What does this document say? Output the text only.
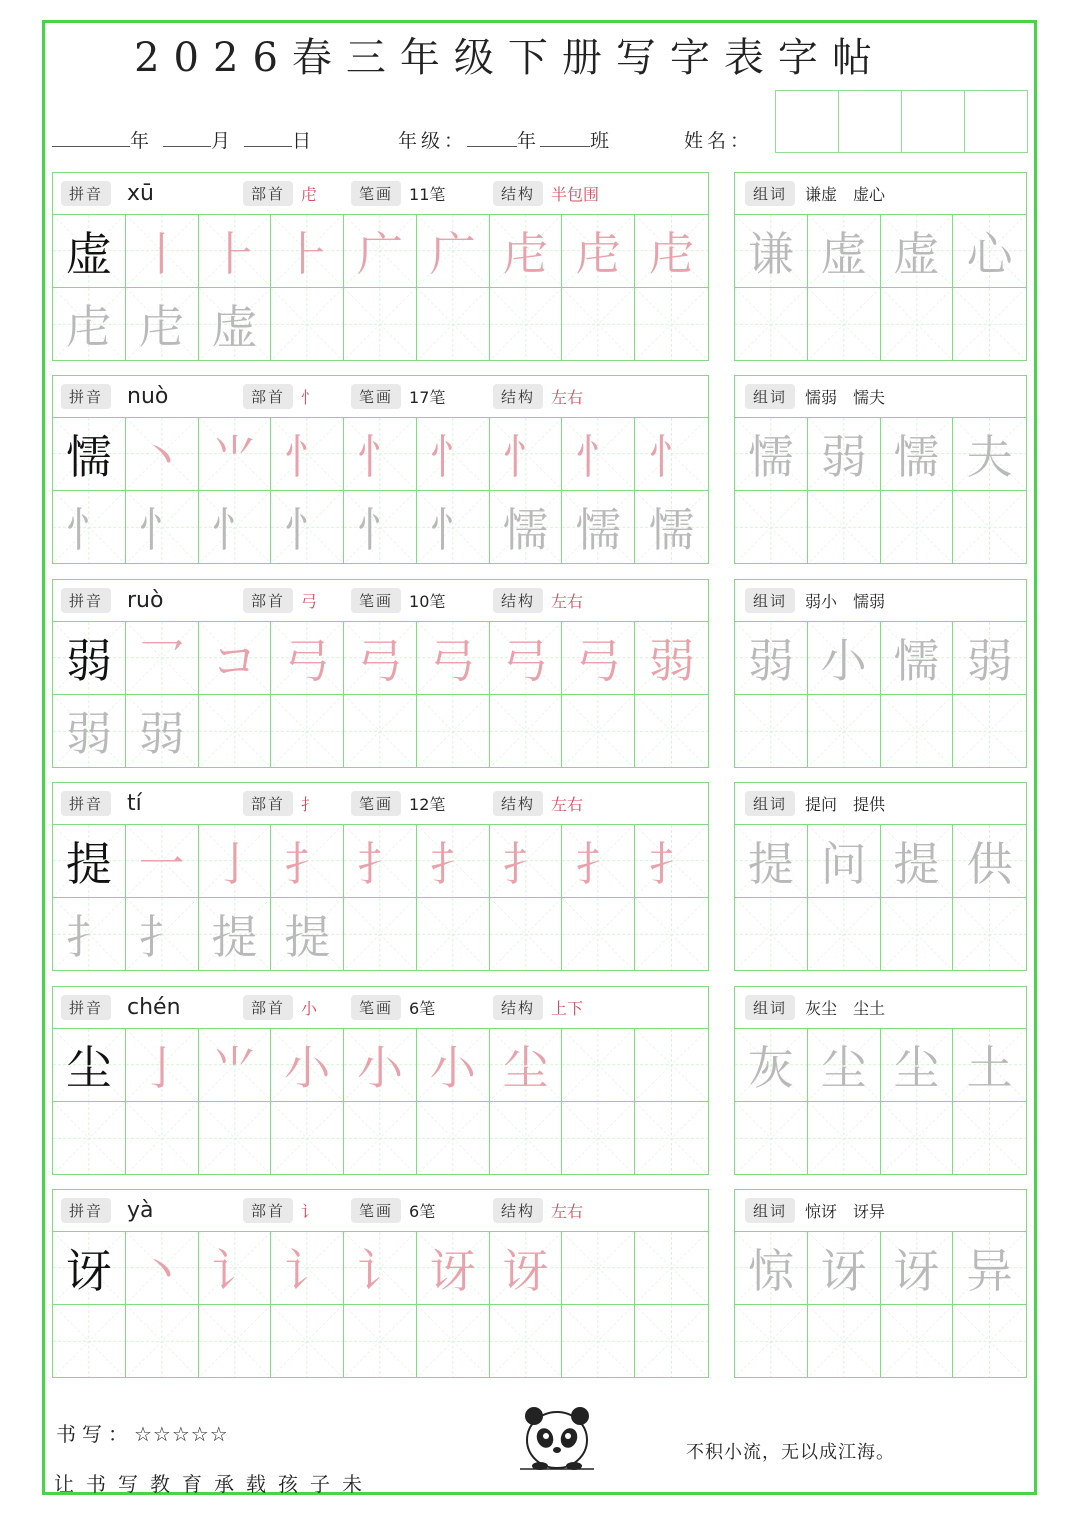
2026春三年级下册写字表字帖
年	月	日	年级：	年	班	姓名：
拼音	xū	部首	虍	笔画	11笔	结构	半包围
虚 丨 ⺊ ⺊ 广 广 虍 虍 虍
虍 虍 虚
组词	谦虚　虚心
谦 虚 虚 心
拼音	nuò	部首	忄	笔画	17笔	结构	左右
懦 丶 ⺌ 忄 忄 忄 忄 忄 忄
忄 忄 忄 忄 忄 忄 懦 懦 懦
组词	懦弱　懦夫
懦 弱 懦 夫
拼音	ruò	部首	弓	笔画	10笔	结构	左右
弱 乛 コ 弓 弓 弓 弓 弓 弱
弱 弱
组词	弱小　懦弱
弱 小 懦 弱
拼音	tí	部首	扌	笔画	12笔	结构	左右
提 一 亅 扌 扌 扌 扌 扌 扌
扌 扌 提 提
组词	提问　提供
提 问 提 供
拼音	chén	部首	小	笔画	6笔	结构	上下
尘 亅 ⺌ 小 小 小 尘
组词	灰尘　尘土
灰 尘 尘 土
拼音	yà	部首	讠	笔画	6笔	结构	左右
讶 丶 讠 讠 讠 讶 讶
组词	惊讶　讶异
惊 讶 讶 异
书写：☆☆☆☆☆
让书写教育承载孩子未
不积小流，无以成江海。
